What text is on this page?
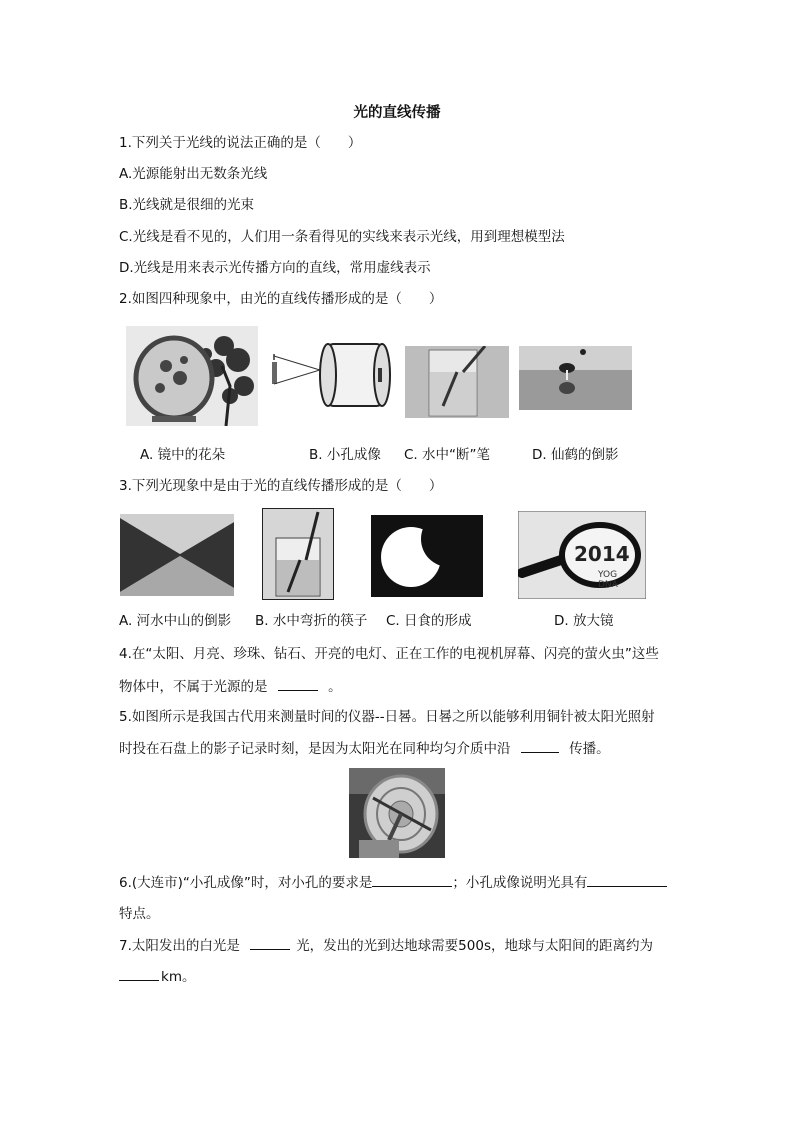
光的直线传播
1.下列关于光线的说法正确的是（　　）
A.光源能射出无数条光线
B.光线就是很细的光束
C.光线是看不见的，人们用一条看得见的实线来表示光线，用到理想模型法
D.光线是用来表示光传播方向的直线，常用虚线表示
2.如图四种现象中，由光的直线传播形成的是（　　）
A. 镜中的花朵	B. 小孔成像 C. 水中“断”笔	D. 仙鹤的倒影
3.下列光现象中是由于光的直线传播形成的是（　　）
2014
YOG
DNA
A. 河水中山的倒影 B. 水中弯折的筷子 C. 日食的形成	D. 放大镜
4.在“太阳、月亮、珍珠、钻石、开亮的电灯、正在工作的电视机屏幕、闪亮的萤火虫”这些
物体中，不属于光源的是	。
5.如图所示是我国古代用来测量时间的仪器--日晷。日晷之所以能够利用铜针被太阳光照射
时投在石盘上的影子记录时刻，是因为太阳光在同种均匀介质中沿	传播。
6.(大连市)“小孔成像”时，对小孔的要求是	；小孔成像说明光具有
特点。
7.太阳发出的白光是	光，发出的光到达地球需要500s，地球与太阳间的距离约为
km。
